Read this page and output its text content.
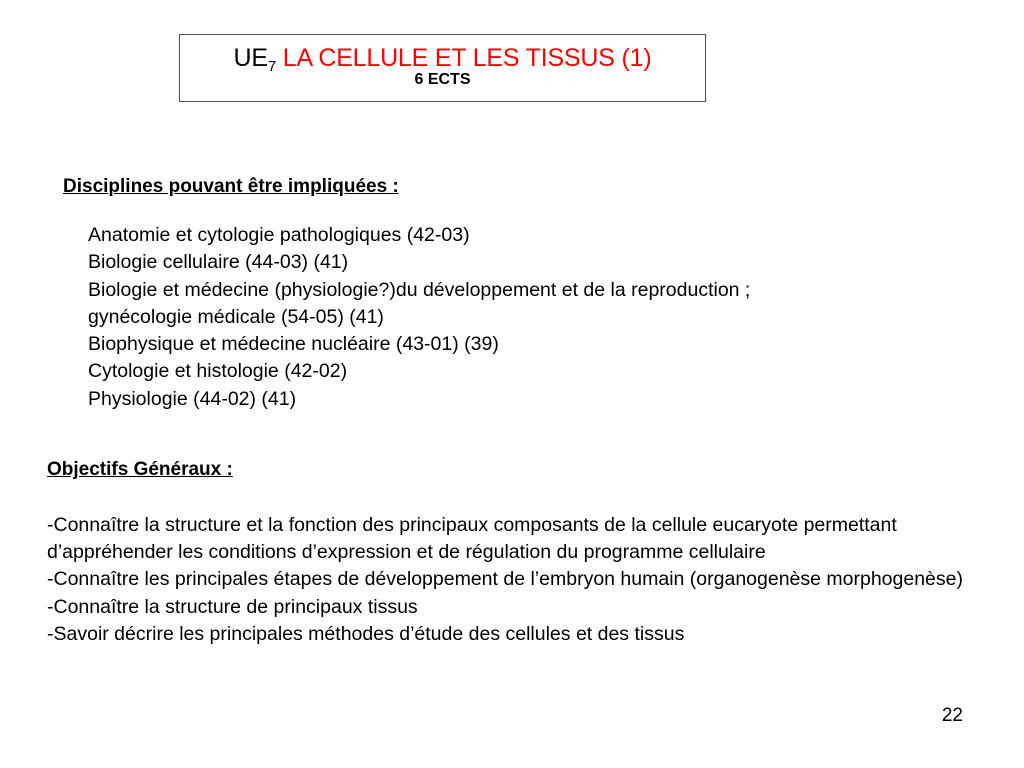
$UE_7$ LA CELLULE ET LES TISSUS (1)
6 ECTS
Disciplines pouvant être impliquées :
Anatomie et cytologie pathologiques (42-03)
Biologie cellulaire (44-03) (41)
Biologie et médecine (physiologie?)du développement et de la reproduction ;
gynécologie médicale (54-05) (41)
Biophysique et médecine nucléaire (43-01) (39)
Cytologie et histologie (42-02)
Physiologie (44-02) (41)
Objectifs Généraux :
-Connaître la structure et la fonction des principaux composants de la cellule eucaryote permettant d’appréhender les conditions d’expression et de régulation du programme cellulaire
-Connaître les principales étapes de développement de l’embryon humain (organogenèse morphogenèse)
-Connaître la structure de principaux tissus
-Savoir décrire les principales méthodes d’étude des cellules et des tissus
22
